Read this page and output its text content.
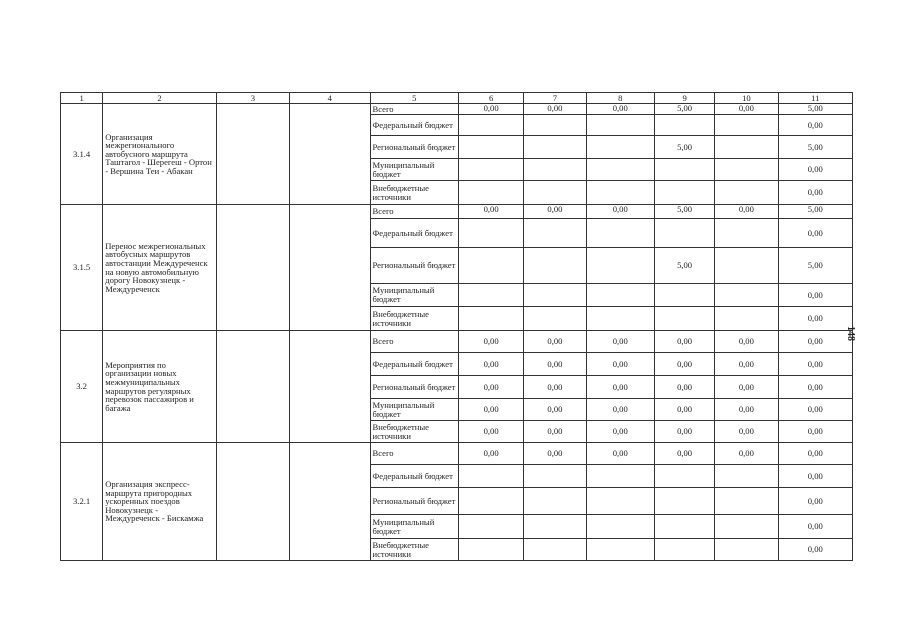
1	2	3	4	5	6	7	8	9	10	11
3.1.4	Организация межрегионального автобусного маршрута Таштагол - Шерегеш - Ортон - Вершина Теи - Абакан			Всего	0,00	0,00	0,00	5,00	0,00	5,00
				Федеральный бюджет						0,00
				Региональный бюджет				5,00		5,00
				Муниципальный бюджет						0,00
				Внебюджетные источники						0,00
3.1.5	Перенос межрегиональных автобусных маршрутов автостанции Междуреченск на новую автомобильную дорогу Новокузнецк - Междуреченск			Всего	0,00	0,00	0,00	5,00	0,00	5,00
				Федеральный бюджет						0,00
				Региональный бюджет				5,00		5,00
				Муниципальный бюджет						0,00
				Внебюджетные источники						0,00
3.2	Мероприятия по организации новых межмуниципальных маршрутов регулярных перевозок пассажиров и багажа			Всего	0,00	0,00	0,00	0,00	0,00	0,00
				Федеральный бюджет	0,00	0,00	0,00	0,00	0,00	0,00
				Региональный бюджет	0,00	0,00	0,00	0,00	0,00	0,00
				Муниципальный бюджет	0,00	0,00	0,00	0,00	0,00	0,00
				Внебюджетные источники	0,00	0,00	0,00	0,00	0,00	0,00
3.2.1	Организация экспресс-маршрута пригородных ускоренных поездов Новокузнецк - Междуреченск - Бискамжа			Всего	0,00	0,00	0,00	0,00	0,00	0,00
				Федеральный бюджет						0,00
				Региональный бюджет						0,00
				Муниципальный бюджет						0,00
				Внебюджетные источники						0,00
148
